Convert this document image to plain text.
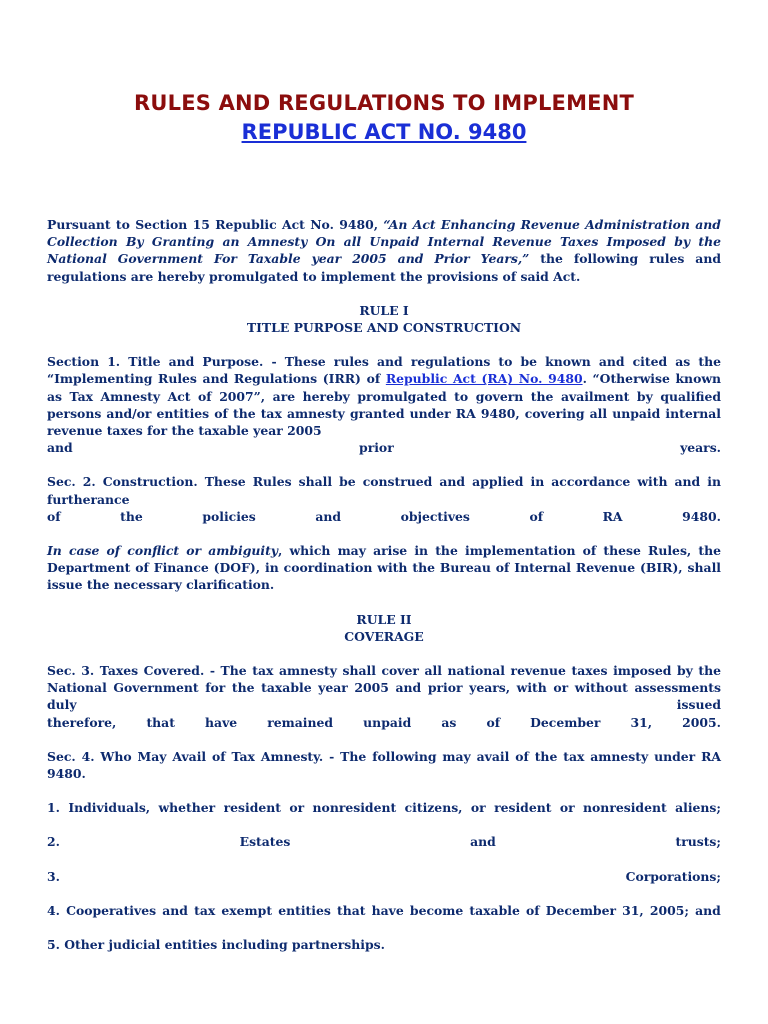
RULES AND REGULATIONS TO IMPLEMENT
REPUBLIC ACT NO. 9480

Pursuant to Section 15 Republic Act No. 9480, “An Act Enhancing Revenue Administration and Collection By Granting an Amnesty On all Unpaid Internal Revenue Taxes Imposed by the National Government For Taxable year 2005 and Prior Years,” the following rules and regulations are hereby promulgated to implement the provisions of said Act.

RULE I

TITLE PURPOSE AND CONSTRUCTION

Section 1. Title and Purpose. - These rules and regulations to be known and cited as the “Implementing Rules and Regulations (IRR) of Republic Act (RA) No. 9480. “Otherwise known as Tax Amnesty Act of 2007”, are hereby promulgated to govern the availment by qualified persons and/or entities of the tax amnesty granted under RA 9480, covering all unpaid internal revenue taxes for the taxable year 2005
and	prior	years.
Sec. 2. Construction. These Rules shall be construed and applied in accordance with and in furtherance
of	the	policies	and	objectives	of	RA	9480.

In case of conflict or ambiguity, which may arise in the implementation of these Rules, the Department of Finance (DOF), in coordination with the Bureau of Internal Revenue (BIR), shall issue the necessary clarification.

RULE II

COVERAGE

Sec. 3. Taxes Covered. - The tax amnesty shall cover all national revenue taxes imposed by the National Government for the taxable year 2005 and prior years, with or without assessments duly issued
therefore, that have remained unpaid as of December 31, 2005.

Sec. 4. Who May Avail of Tax Amnesty. - The following may avail of the tax amnesty under RA 9480.

1. Individuals, whether resident or nonresident citizens, or resident or nonresident aliens;
2.	Estates	and	trusts;
3.	Corporations;
4. Cooperatives and tax exempt entities that have become taxable of December 31, 2005; and

5. Other judicial entities including partnerships.
